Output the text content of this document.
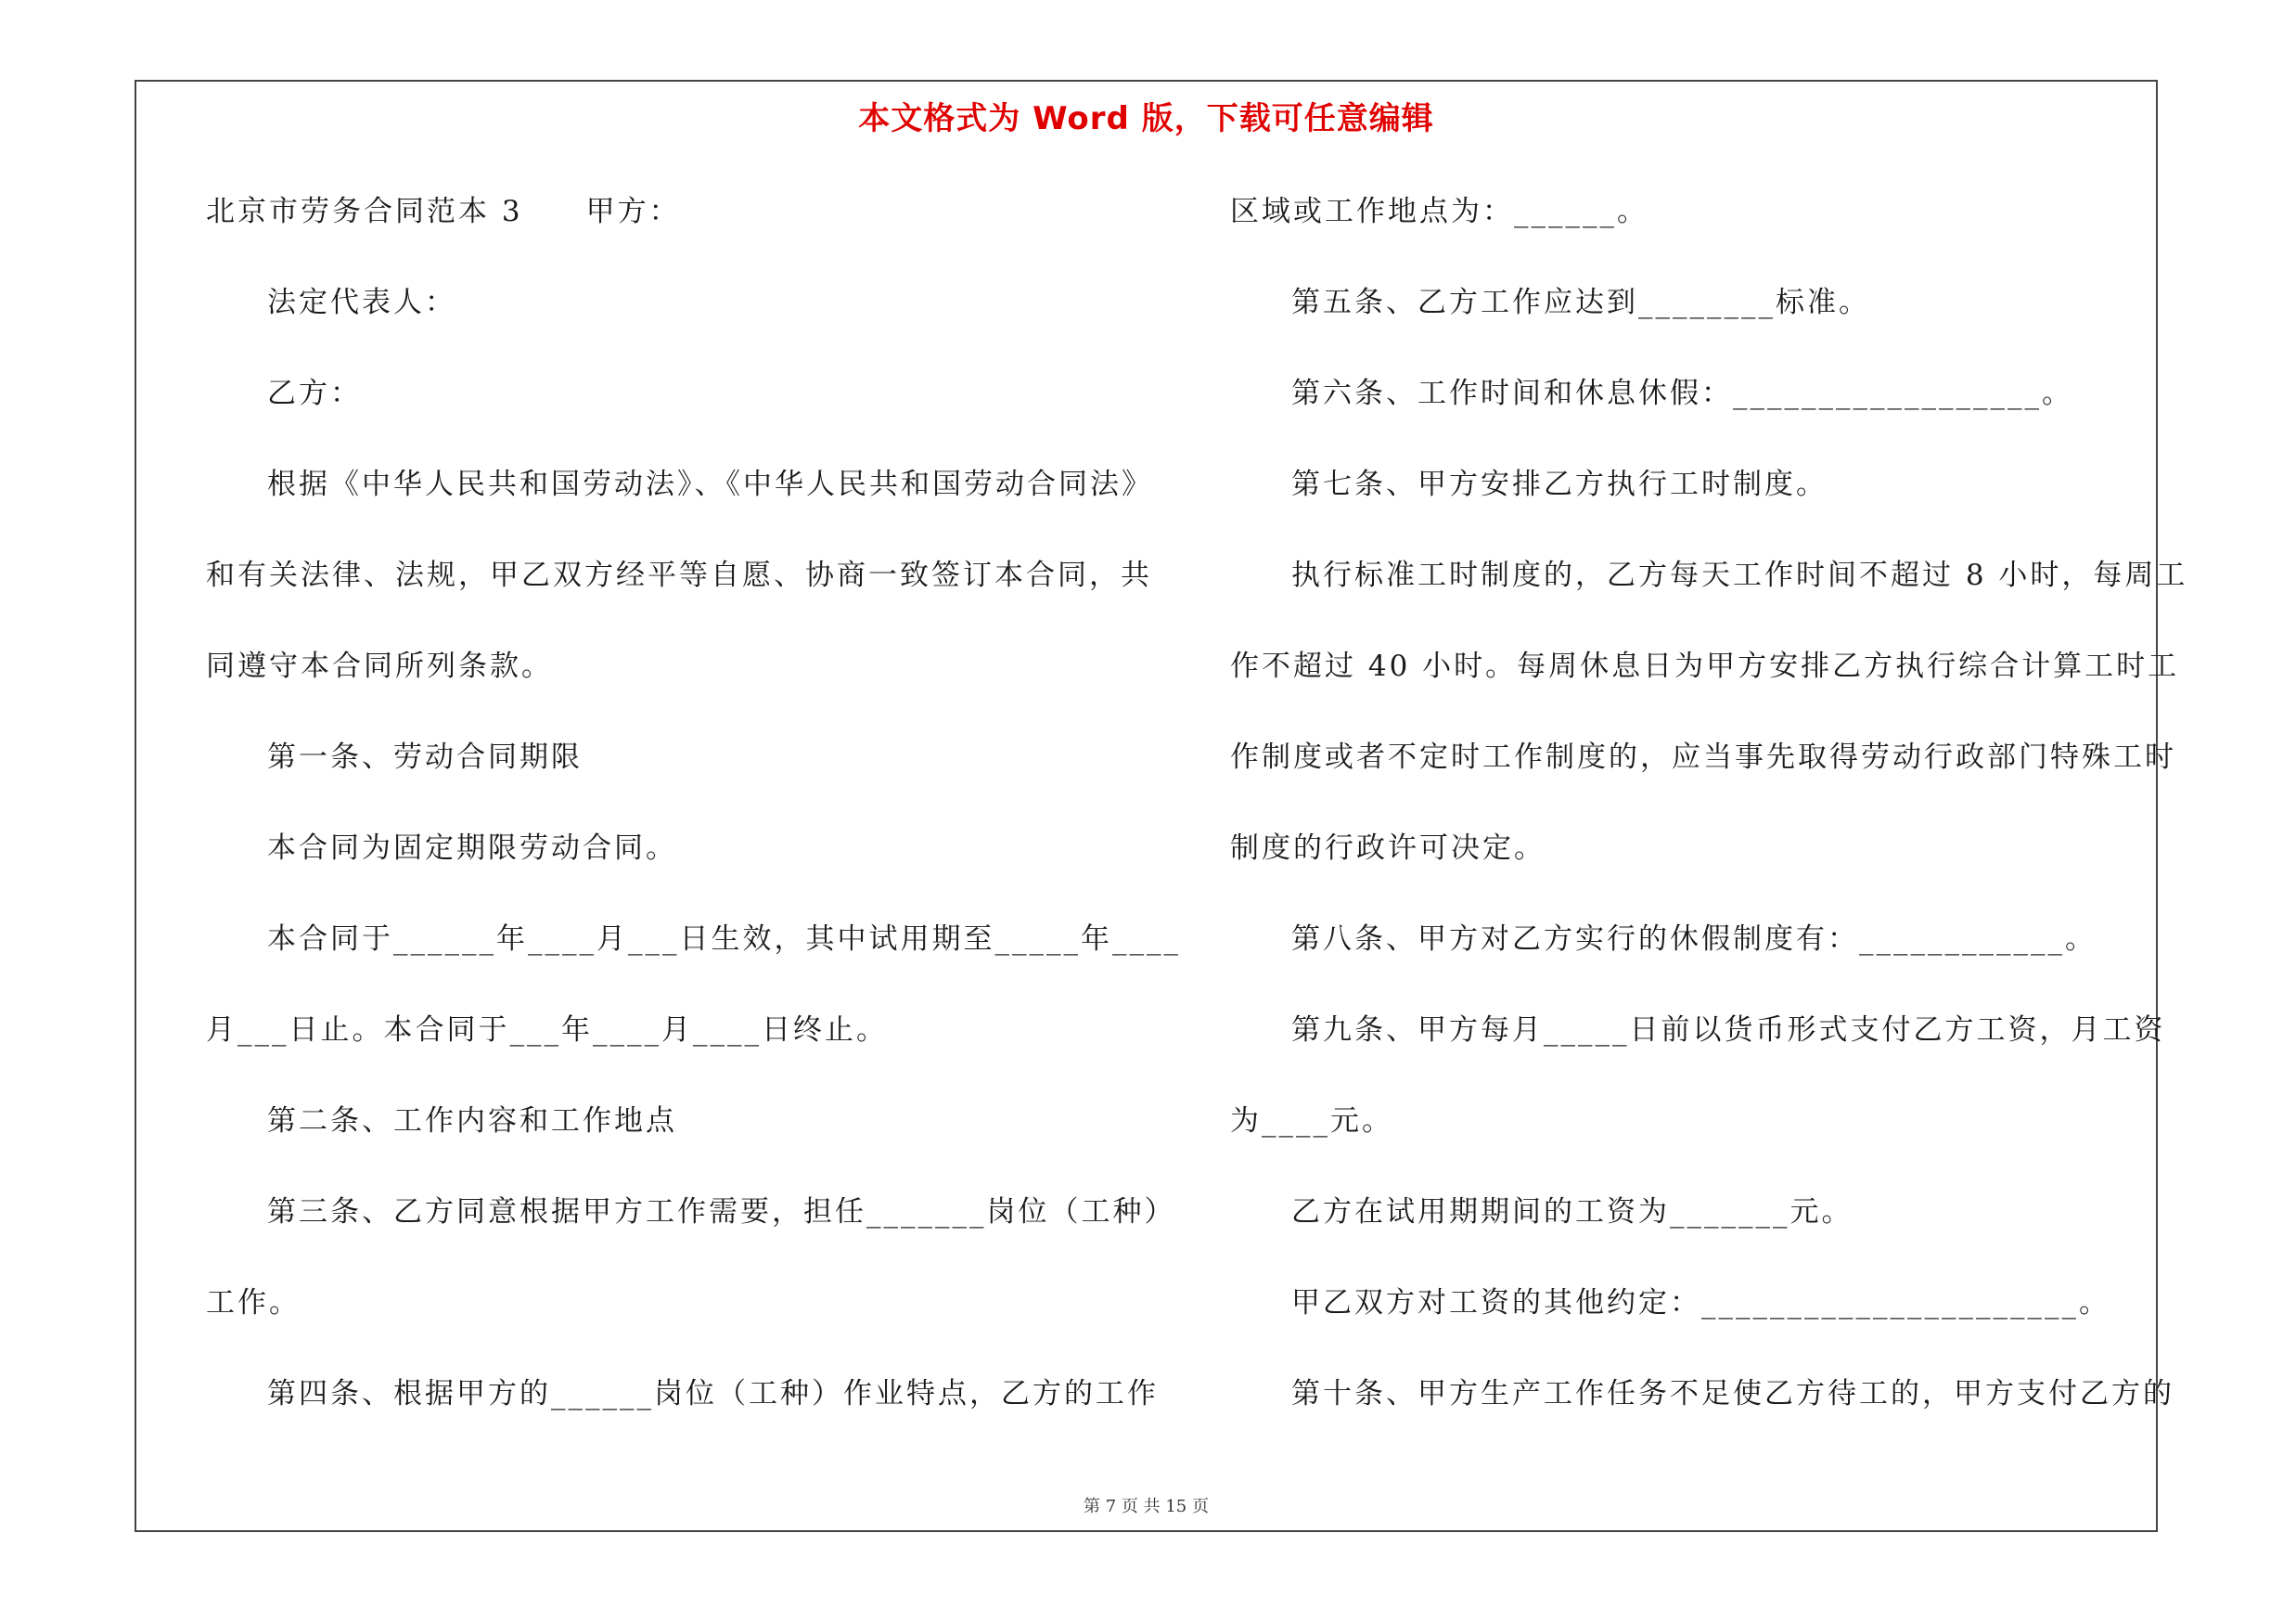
本文格式为 Word 版，下载可任意编辑
第 7 页 共 15 页
北京市劳务合同范本 3　　甲方：
法定代表人：
乙方：
根据《中华人民共和国劳动法》、《中华人民共和国劳动合同法》
和有关法律、法规，甲乙双方经平等自愿、协商一致签订本合同，共
同遵守本合同所列条款。
第一条、劳动合同期限
本合同为固定期限劳动合同。
本合同于______年____月___日生效，其中试用期至_____年____
月___日止。本合同于___年____月____日终止。
第二条、工作内容和工作地点
第三条、乙方同意根据甲方工作需要，担任_______岗位（工种）
工作。
第四条、根据甲方的______岗位（工种）作业特点，乙方的工作
区域或工作地点为：______。
第五条、乙方工作应达到________标准。
第六条、工作时间和休息休假：__________________。
第七条、甲方安排乙方执行工时制度。
执行标准工时制度的，乙方每天工作时间不超过 8 小时，每周工
作不超过 40 小时。每周休息日为甲方安排乙方执行综合计算工时工
作制度或者不定时工作制度的，应当事先取得劳动行政部门特殊工时
制度的行政许可决定。
第八条、甲方对乙方实行的休假制度有：____________。
第九条、甲方每月_____日前以货币形式支付乙方工资，月工资
为____元。
乙方在试用期期间的工资为_______元。
甲乙双方对工资的其他约定：______________________。
第十条、甲方生产工作任务不足使乙方待工的，甲方支付乙方的
